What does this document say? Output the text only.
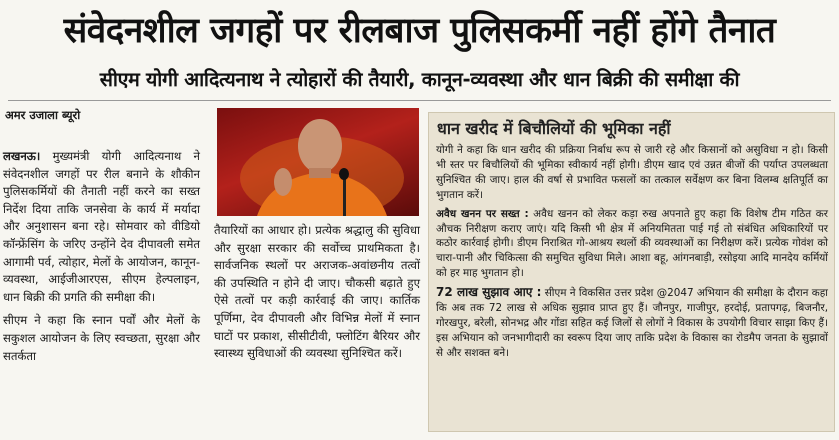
संवेदनशील जगहों पर रीलबाज पुलिसकर्मी नहीं होंगे तैनात
सीएम योगी आदित्यनाथ ने त्योहारों की तैयारी, कानून-व्यवस्था और धान बिक्री की समीक्षा की
अमर उजाला ब्यूरो

लखनऊ। मुख्यमंत्री योगी आदित्यनाथ ने संवेदनशील जगहों पर रील बनाने के शौकीन पुलिसकर्मियों की तैनाती नहीं करने का सख्त निर्देश दिया ताकि जनसेवा के कार्य में मर्यादा और अनुशासन बना रहे। सोमवार को वीडियो कॉन्फ्रेंसिंग के जरिए उन्होंने देव दीपावली समेत आगामी पर्व, त्योहार, मेलों के आयोजन, कानून-व्यवस्था, आईजीआरएस, सीएम हेल्पलाइन, धान बिक्री की प्रगति की समीक्षा की।

सीएम ने कहा कि स्नान पर्वों और मेलों के सकुशल आयोजन के लिए स्वच्छता, सुरक्षा और सतर्कता

तैयारियों का आधार हो। प्रत्येक श्रद्धालु की सुविधा और सुरक्षा सरकार की सर्वोच्च प्राथमिकता है। सार्वजनिक स्थलों पर अराजक-अवांछनीय तत्वों की उपस्थिति न होने दी जाए। चौकसी बढ़ाते हुए ऐसे तत्वों पर कड़ी कार्रवाई की जाए। कार्तिक पूर्णिमा, देव दीपावली और विभिन्न मेलों में स्नान घाटों पर प्रकाश, सीसीटीवी, फ्लोटिंग बैरियर और स्वास्थ्य सुविधाओं की व्यवस्था सुनिश्चित करें।
धान खरीद में बिचौलियों की भूमिका नहीं

योगी ने कहा कि धान खरीद की प्रक्रिया निर्बाध रूप से जारी रहे और किसानों को असुविधा न हो। किसी भी स्तर पर बिचौलियों की भूमिका स्वीकार्य नहीं होगी। डीएम खाद एवं उन्नत बीजों की पर्याप्त उपलब्धता सुनिश्चित की जाए। हाल की वर्षा से प्रभावित फसलों का तत्काल सर्वेक्षण कर बिना विलम्ब क्षतिपूर्ति का भुगतान करें।

अवैध खनन पर सख्त : अवैध खनन को लेकर कड़ा रुख अपनाते हुए कहा कि विशेष टीम गठित कर औचक निरीक्षण कराए जाएं। यदि किसी भी क्षेत्र में अनियमितता पाई गई तो संबंधित अधिकारियों पर कठोर कार्रवाई होगी। डीएम निराश्रित गो-आश्रय स्थलों की व्यवस्थाओं का निरीक्षण करें। प्रत्येक गोवंश को चारा-पानी और चिकित्सा की समुचित सुविधा मिले। आशा बहू, आंगनबाड़ी, रसोइया आदि मानदेय कर्मियों को हर माह भुगतान हो।

72 लाख सुझाव आए : सीएम ने विकसित उत्तर प्रदेश @2047 अभियान की समीक्षा के दौरान कहा कि अब तक 72 लाख से अधिक सुझाव प्राप्त हुए हैं। जौनपुर, गाजीपुर, हरदोई, प्रतापगढ़, बिजनौर, गोरखपुर, बरेली, सोनभद्र और गोंडा सहित कई जिलों से लोगों ने विकास के उपयोगी विचार साझा किए हैं। इस अभियान को जनभागीदारी का स्वरूप दिया जाए ताकि प्रदेश के विकास का रोडमैप जनता के सुझावों से और सशक्त बने।
